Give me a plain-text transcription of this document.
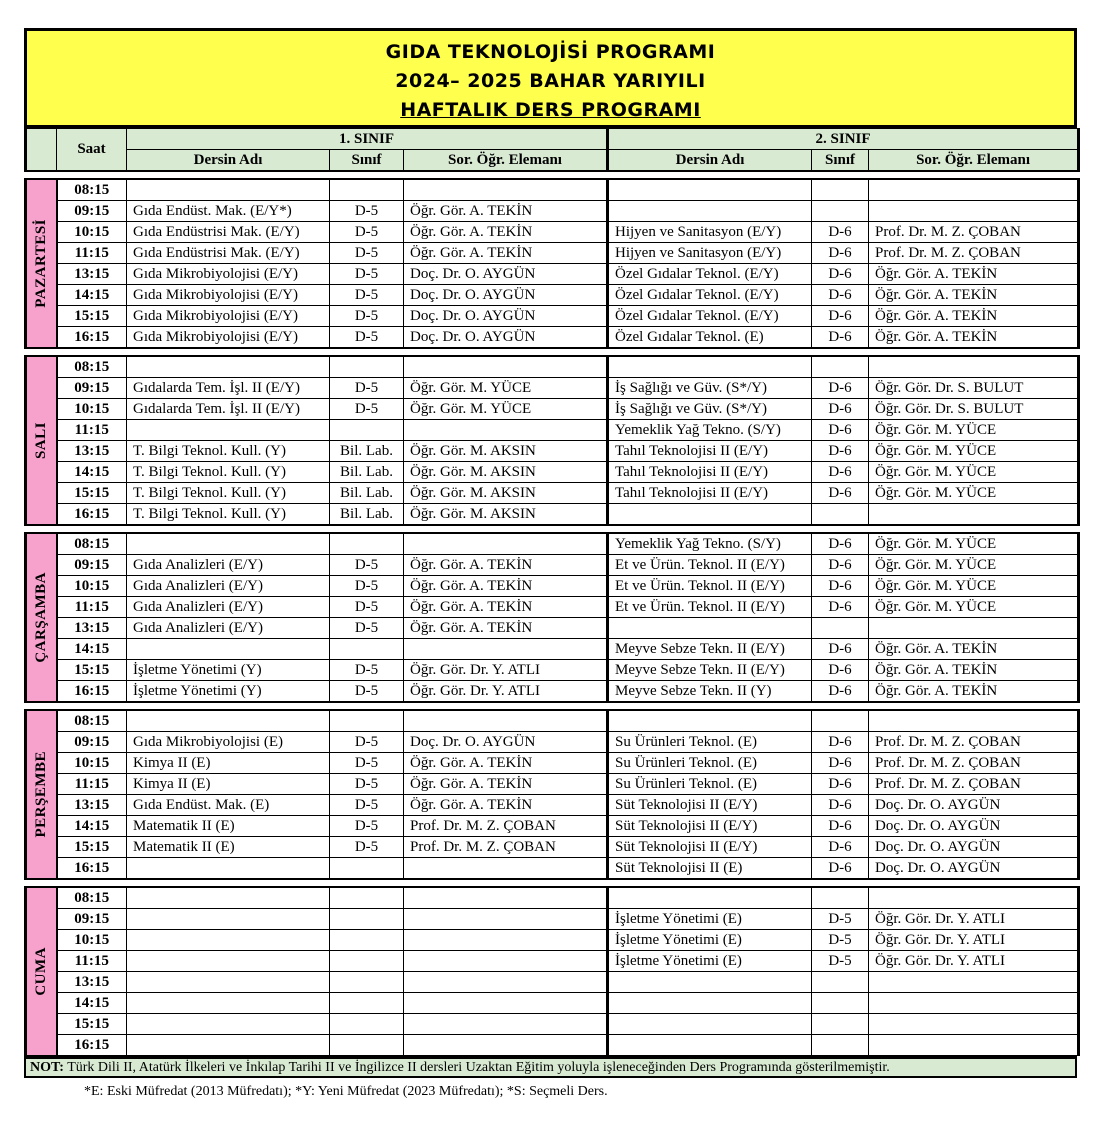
GIDA TEKNOLOJİSİ PROGRAMI
2024– 2025 BAHAR YARIYILI
HAFTALIK DERS PROGRAMI
	Saat	1. SINIF			2. SINIF		
		Dersin Adı	Sınıf	Sor. Öğr. Elemanı	Dersin Adı	Sınıf	Sor. Öğr. Elemanı

PAZARTESİ	08:15						
	09:15	Gıda Endüst. Mak. (E/Y*)	D-5	Öğr. Gör. A. TEKİN			
	10:15	Gıda Endüstrisi Mak. (E/Y)	D-5	Öğr. Gör. A. TEKİN	Hijyen ve Sanitasyon (E/Y)	D-6	Prof. Dr. M. Z. ÇOBAN
	11:15	Gıda Endüstrisi Mak. (E/Y)	D-5	Öğr. Gör. A. TEKİN	Hijyen ve Sanitasyon (E/Y)	D-6	Prof. Dr. M. Z. ÇOBAN
	13:15	Gıda Mikrobiyolojisi (E/Y)	D-5	Doç. Dr. O. AYGÜN	Özel Gıdalar Teknol. (E/Y)	D-6	Öğr. Gör. A. TEKİN
	14:15	Gıda Mikrobiyolojisi (E/Y)	D-5	Doç. Dr. O. AYGÜN	Özel Gıdalar Teknol. (E/Y)	D-6	Öğr. Gör. A. TEKİN
	15:15	Gıda Mikrobiyolojisi (E/Y)	D-5	Doç. Dr. O. AYGÜN	Özel Gıdalar Teknol. (E/Y)	D-6	Öğr. Gör. A. TEKİN
	16:15	Gıda Mikrobiyolojisi (E/Y)	D-5	Doç. Dr. O. AYGÜN	Özel Gıdalar Teknol. (E)	D-6	Öğr. Gör. A. TEKİN

SALI	08:15						
	09:15	Gıdalarda Tem. İşl. II (E/Y)	D-5	Öğr. Gör. M. YÜCE	İş Sağlığı ve Güv. (S*/Y)	D-6	Öğr. Gör. Dr. S. BULUT
	10:15	Gıdalarda Tem. İşl. II (E/Y)	D-5	Öğr. Gör. M. YÜCE	İş Sağlığı ve Güv. (S*/Y)	D-6	Öğr. Gör. Dr. S. BULUT
	11:15				Yemeklik Yağ Tekno. (S/Y)	D-6	Öğr. Gör. M. YÜCE
	13:15	T. Bilgi Teknol. Kull. (Y)	Bil. Lab.	Öğr. Gör. M. AKSIN	Tahıl Teknolojisi II (E/Y)	D-6	Öğr. Gör. M. YÜCE
	14:15	T. Bilgi Teknol. Kull. (Y)	Bil. Lab.	Öğr. Gör. M. AKSIN	Tahıl Teknolojisi II (E/Y)	D-6	Öğr. Gör. M. YÜCE
	15:15	T. Bilgi Teknol. Kull. (Y)	Bil. Lab.	Öğr. Gör. M. AKSIN	Tahıl Teknolojisi II (E/Y)	D-6	Öğr. Gör. M. YÜCE
	16:15	T. Bilgi Teknol. Kull. (Y)	Bil. Lab.	Öğr. Gör. M. AKSIN			

ÇARŞAMBA	08:15				Yemeklik Yağ Tekno. (S/Y)	D-6	Öğr. Gör. M. YÜCE
	09:15	Gıda Analizleri (E/Y)	D-5	Öğr. Gör. A. TEKİN	Et ve Ürün. Teknol. II (E/Y)	D-6	Öğr. Gör. M. YÜCE
	10:15	Gıda Analizleri (E/Y)	D-5	Öğr. Gör. A. TEKİN	Et ve Ürün. Teknol. II (E/Y)	D-6	Öğr. Gör. M. YÜCE
	11:15	Gıda Analizleri (E/Y)	D-5	Öğr. Gör. A. TEKİN	Et ve Ürün. Teknol. II (E/Y)	D-6	Öğr. Gör. M. YÜCE
	13:15	Gıda Analizleri (E/Y)	D-5	Öğr. Gör. A. TEKİN			
	14:15				Meyve Sebze Tekn. II (E/Y)	D-6	Öğr. Gör. A. TEKİN
	15:15	İşletme Yönetimi (Y)	D-5	Öğr. Gör. Dr. Y. ATLI	Meyve Sebze Tekn. II (E/Y)	D-6	Öğr. Gör. A. TEKİN
	16:15	İşletme Yönetimi (Y)	D-5	Öğr. Gör. Dr. Y. ATLI	Meyve Sebze Tekn. II (Y)	D-6	Öğr. Gör. A. TEKİN

PERŞEMBE	08:15						
	09:15	Gıda Mikrobiyolojisi (E)	D-5	Doç. Dr. O. AYGÜN	Su Ürünleri Teknol. (E)	D-6	Prof. Dr. M. Z. ÇOBAN
	10:15	Kimya II (E)	D-5	Öğr. Gör. A. TEKİN	Su Ürünleri Teknol. (E)	D-6	Prof. Dr. M. Z. ÇOBAN
	11:15	Kimya II (E)	D-5	Öğr. Gör. A. TEKİN	Su Ürünleri Teknol. (E)	D-6	Prof. Dr. M. Z. ÇOBAN
	13:15	Gıda Endüst. Mak. (E)	D-5	Öğr. Gör. A. TEKİN	Süt Teknolojisi II (E/Y)	D-6	Doç. Dr. O. AYGÜN
	14:15	Matematik II (E)	D-5	Prof. Dr. M. Z. ÇOBAN	Süt Teknolojisi II (E/Y)	D-6	Doç. Dr. O. AYGÜN
	15:15	Matematik II (E)	D-5	Prof. Dr. M. Z. ÇOBAN	Süt Teknolojisi II (E/Y)	D-6	Doç. Dr. O. AYGÜN
	16:15				Süt Teknolojisi II (E)	D-6	Doç. Dr. O. AYGÜN

CUMA	08:15						
	09:15				İşletme Yönetimi (E)	D-5	Öğr. Gör. Dr. Y. ATLI
	10:15				İşletme Yönetimi (E)	D-5	Öğr. Gör. Dr. Y. ATLI
	11:15				İşletme Yönetimi (E)	D-5	Öğr. Gör. Dr. Y. ATLI
	13:15						
	14:15						
	15:15						
	16:15						
NOT: Türk Dili II, Atatürk İlkeleri ve İnkılap Tarihi II ve İngilizce II dersleri Uzaktan Eğitim yoluyla işleneceğinden Ders Programında gösterilmemiştir.
*E: Eski Müfredat (2013 Müfredatı); *Y: Yeni Müfredat (2023 Müfredatı); *S: Seçmeli Ders.
